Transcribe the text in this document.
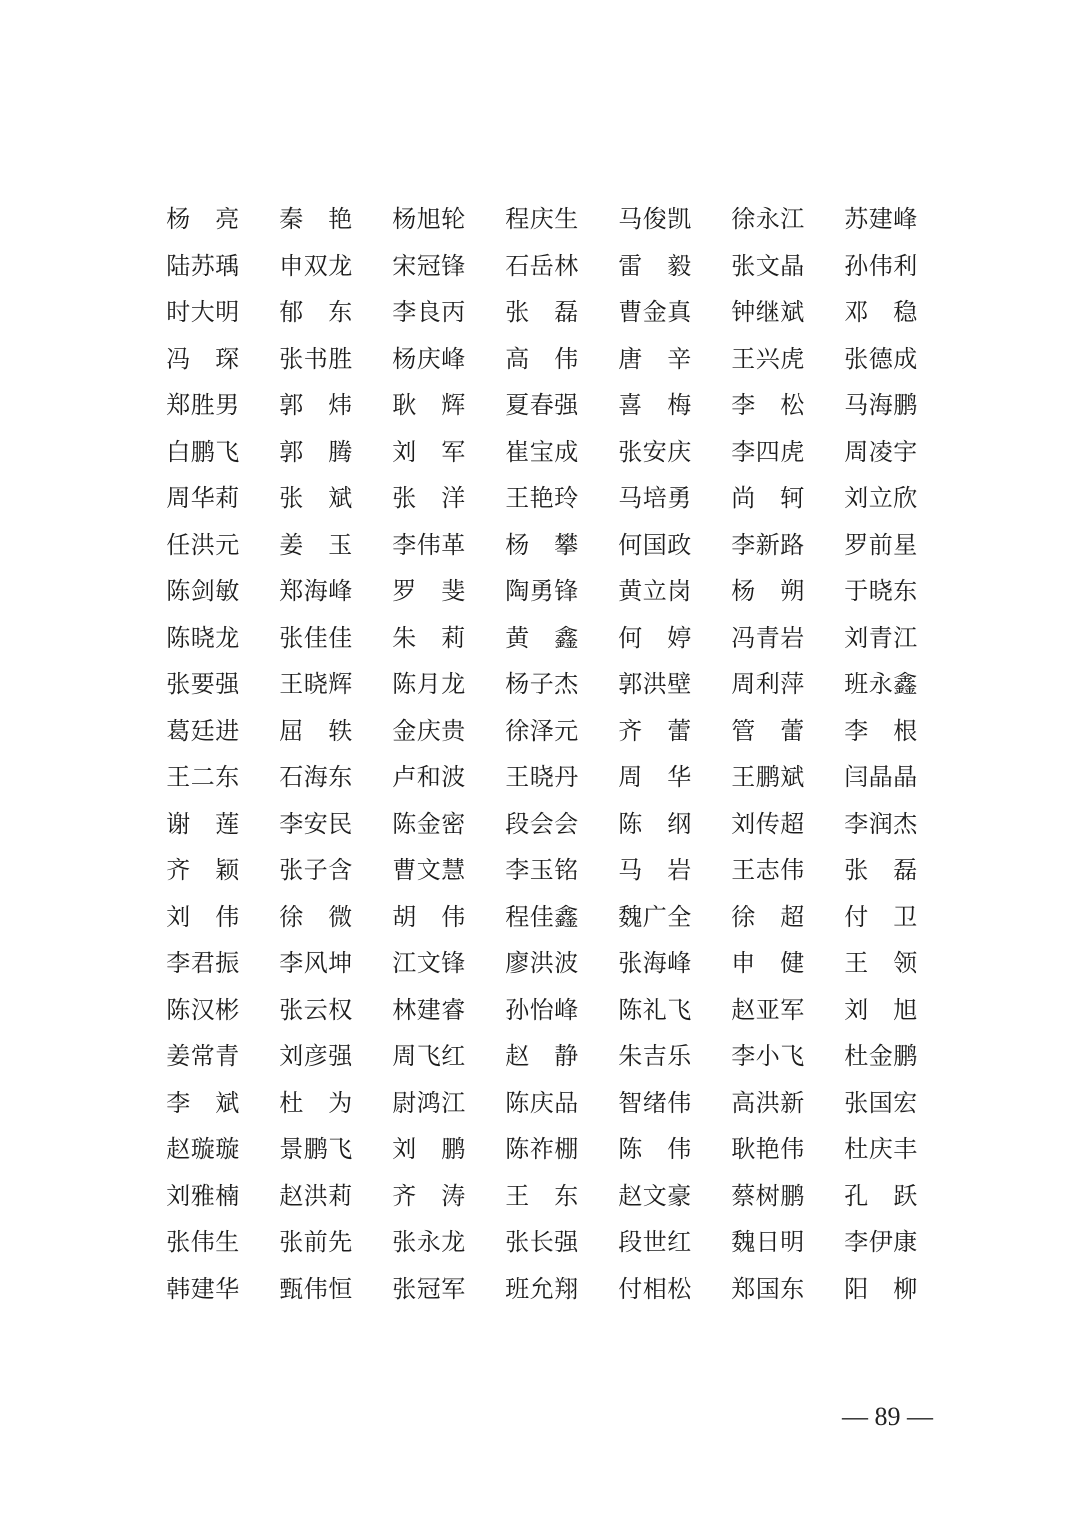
杨 亮	秦 艳	杨旭轮	程庆生	马俊凯	徐永江	苏建峰
陆苏瑀	申双龙	宋冠锋	石岳林	雷 毅	张文晶	孙伟利
时大明	郁 东	李良丙	张 磊	曹金真	钟继斌	邓 稳
冯 琛	张书胜	杨庆峰	高 伟	唐 辛	王兴虎	张德成
郑胜男	郭 炜	耿 辉	夏春强	喜 梅	李 松	马海鹏
白鹏飞	郭 腾	刘 军	崔宝成	张安庆	李四虎	周凌宇
周华莉	张 斌	张 洋	王艳玲	马培勇	尚 轲	刘立欣
任洪元	姜 玉	李伟革	杨 攀	何国政	李新路	罗前星
陈剑敏	郑海峰	罗 斐	陶勇锋	黄立岗	杨 朔	于晓东
陈晓龙	张佳佳	朱 莉	黄 鑫	何 婷	冯青岩	刘青江
张要强	王晓辉	陈月龙	杨子杰	郭洪壁	周利萍	班永鑫
葛廷进	屈 轶	金庆贵	徐泽元	齐 蕾	管 蕾	李 根
王二东	石海东	卢和波	王晓丹	周 华	王鹏斌	闫晶晶
谢 莲	李安民	陈金密	段会会	陈 纲	刘传超	李润杰
齐 颖	张子含	曹文慧	李玉铭	马 岩	王志伟	张 磊
刘 伟	徐 微	胡 伟	程佳鑫	魏广全	徐 超	付 卫
李君振	李风坤	江文锋	廖洪波	张海峰	申 健	王 领
陈汉彬	张云权	林建睿	孙怡峰	陈礼飞	赵亚军	刘 旭
姜常青	刘彦强	周飞红	赵 静	朱吉乐	李小飞	杜金鹏
李 斌	杜 为	尉鸿江	陈庆品	智绪伟	高洪新	张国宏
赵璇璇	景鹏飞	刘 鹏	陈祚棚	陈 伟	耿艳伟	杜庆丰
刘雅楠	赵洪莉	齐 涛	王 东	赵文豪	蔡树鹏	孔 跃
张伟生	张前先	张永龙	张长强	段世红	魏日明	李伊康
韩建华	甄伟恒	张冠军	班允翔	付相松	郑国东	阳 柳
— 89 —
